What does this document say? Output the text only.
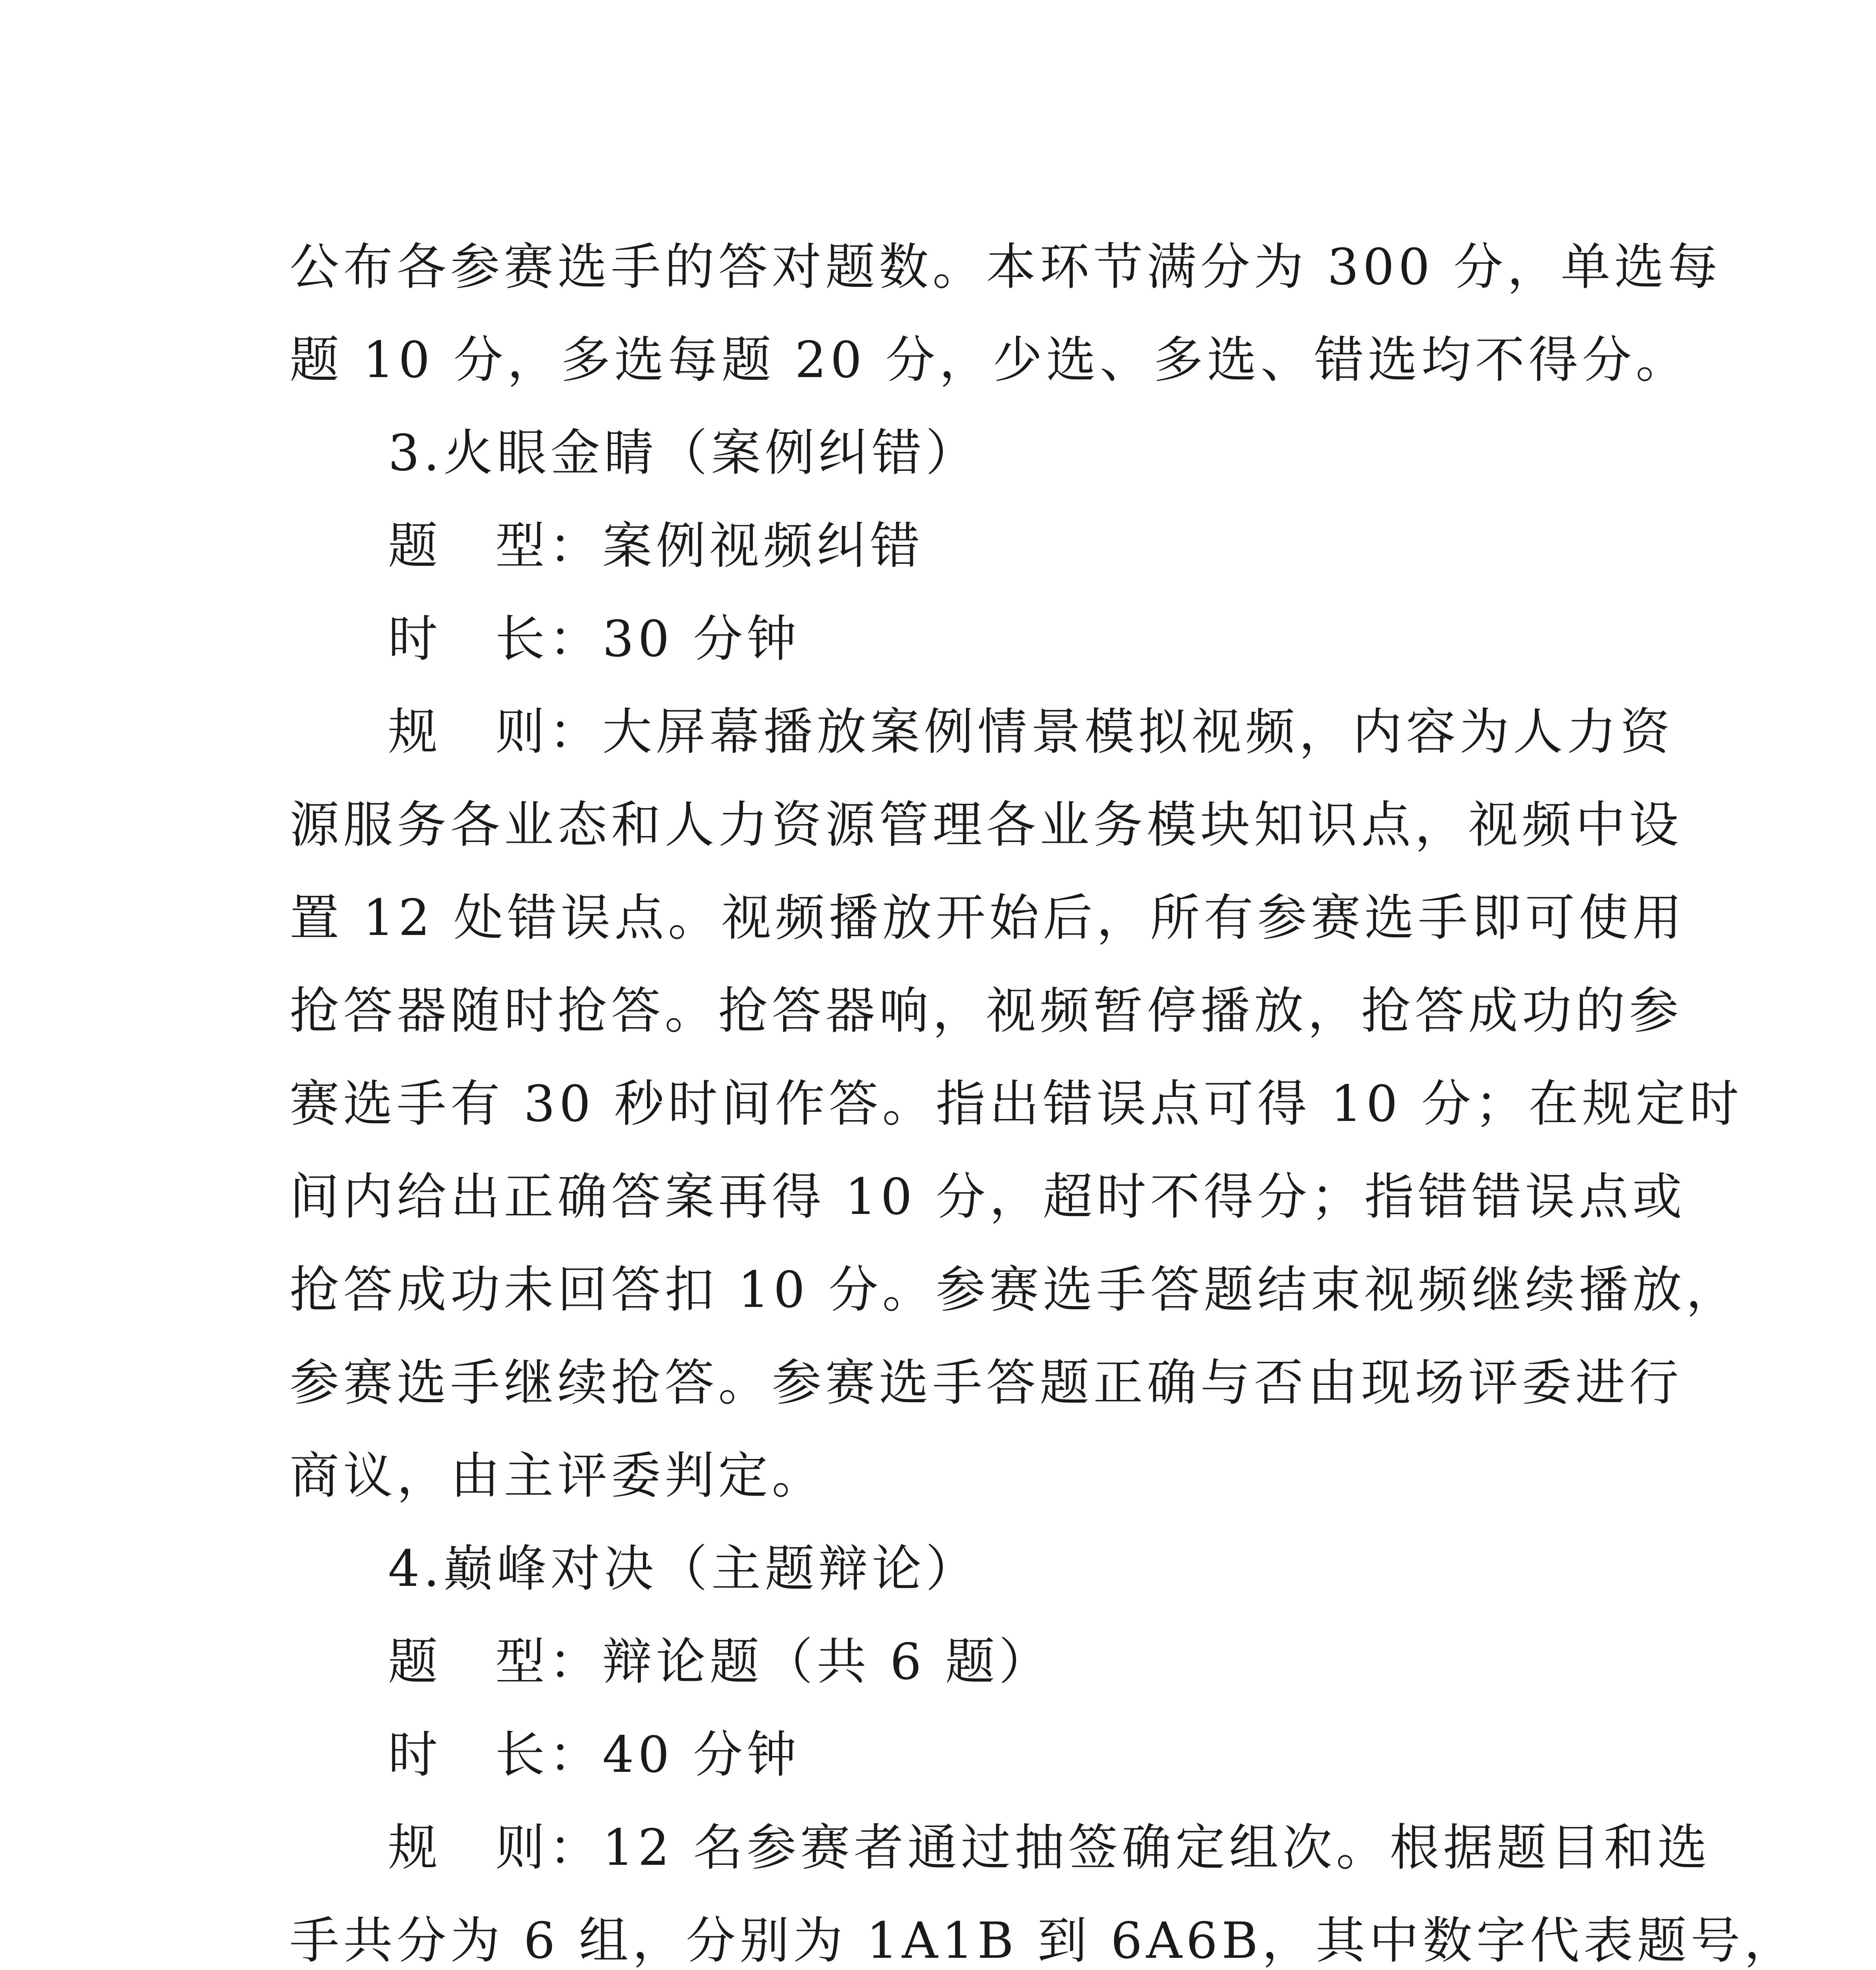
公布各参赛选手的答对题数。本环节满分为 300 分，单选每
题 10 分，多选每题 20 分，少选、多选、错选均不得分。
3.火眼金睛（案例纠错）
题　型：案例视频纠错
时　长：30 分钟
规　则：大屏幕播放案例情景模拟视频，内容为人力资
源服务各业态和人力资源管理各业务模块知识点，视频中设
置 12 处错误点。视频播放开始后，所有参赛选手即可使用
抢答器随时抢答。抢答器响，视频暂停播放，抢答成功的参
赛选手有 30 秒时间作答。指出错误点可得 10 分；在规定时
间内给出正确答案再得 10 分，超时不得分；指错错误点或
抢答成功未回答扣 10 分。参赛选手答题结束视频继续播放，
参赛选手继续抢答。参赛选手答题正确与否由现场评委进行
商议，由主评委判定。
4.巅峰对决（主题辩论）
题　型：辩论题（共 6 题）
时　长：40 分钟
规　则：12 名参赛者通过抽签确定组次。根据题目和选
手共分为 6 组，分别为 1A1B 到 6A6B，其中数字代表题号，
